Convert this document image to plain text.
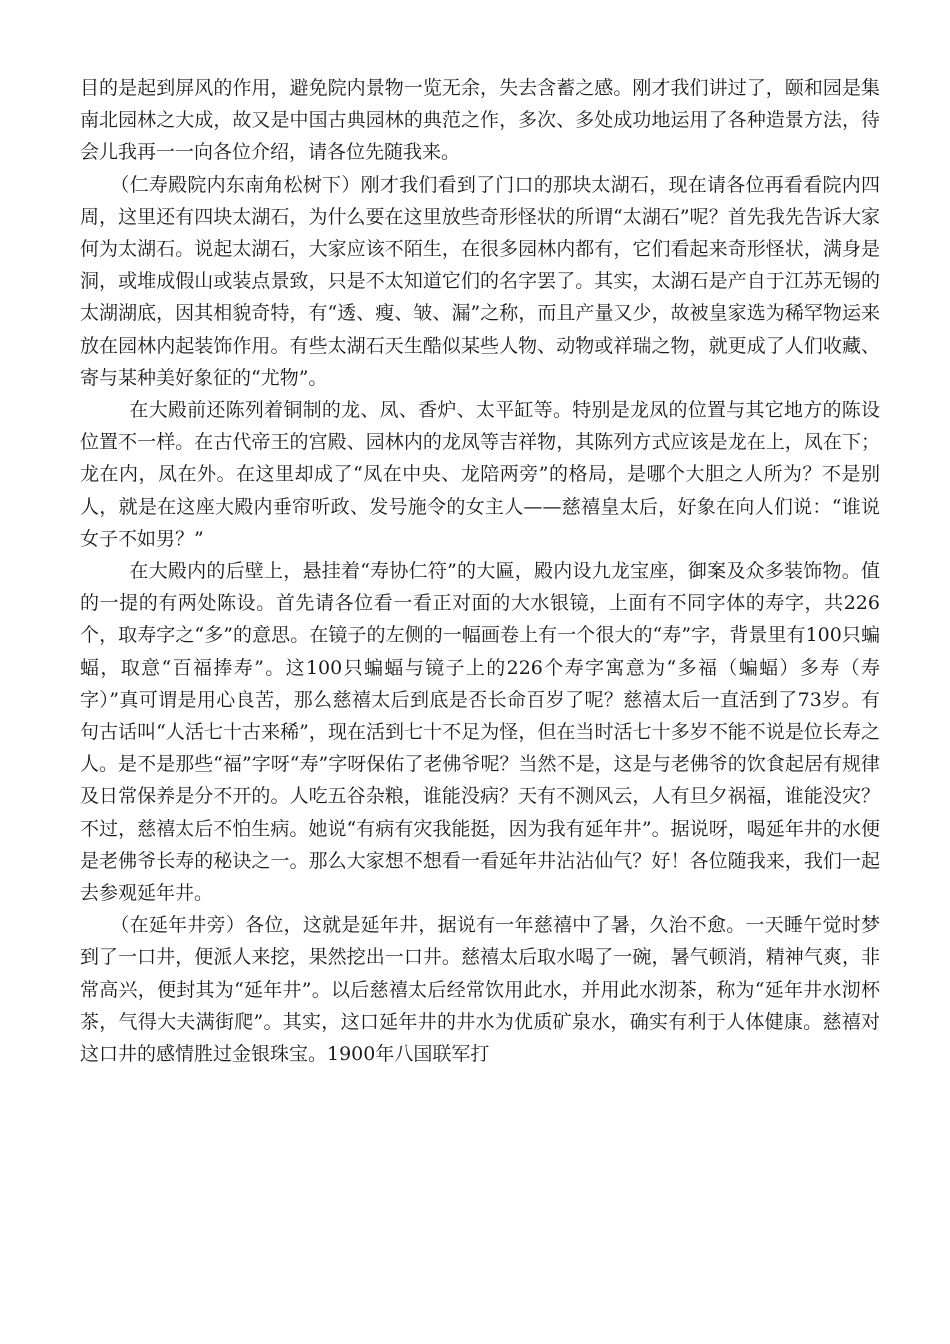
目的是起到屏风的作用，避免院内景物一览无余，失去含蓄之感。刚才我们讲过了，颐和园是集南北园林之大成，故又是中国古典园林的典范之作，多次、多处成功地运用了各种造景方法，待会儿我再一一向各位介绍，请各位先随我来。

（仁寿殿院内东南角松树下）刚才我们看到了门口的那块太湖石，现在请各位再看看院内四周，这里还有四块太湖石，为什么要在这里放些奇形怪状的所谓“太湖石”呢？首先我先告诉大家何为太湖石。说起太湖石，大家应该不陌生，在很多园林内都有，它们看起来奇形怪状，满身是洞，或堆成假山或装点景致，只是不太知道它们的名字罢了。其实，太湖石是产自于江苏无锡的太湖湖底，因其相貌奇特，有“透、瘦、皱、漏”之称，而且产量又少，故被皇家选为稀罕物运来放在园林内起装饰作用。有些太湖石天生酷似某些人物、动物或祥瑞之物，就更成了人们收藏、寄与某种美好象征的“尤物”。

在大殿前还陈列着铜制的龙、凤、香炉、太平缸等。特别是龙凤的位置与其它地方的陈设位置不一样。在古代帝王的宫殿、园林内的龙凤等吉祥物，其陈列方式应该是龙在上，凤在下；龙在内，凤在外。在这里却成了“凤在中央、龙陪两旁”的格局，是哪个大胆之人所为？不是别人，就是在这座大殿内垂帘听政、发号施令的女主人——慈禧皇太后，好象在向人们说：“谁说女子不如男？”

在大殿内的后壁上，悬挂着“寿协仁符”的大匾，殿内设九龙宝座，御案及众多装饰物。值的一提的有两处陈设。首先请各位看一看正对面的大水银镜，上面有不同字体的寿字，共226个，取寿字之“多”的意思。在镜子的左侧的一幅画卷上有一个很大的“寿”字，背景里有100只蝙蝠，取意“百福捧寿”。这100只蝙蝠与镜子上的226个寿字寓意为“多福（蝙蝠）多寿（寿字）”真可谓是用心良苦，那么慈禧太后到底是否长命百岁了呢？慈禧太后一直活到了73岁。有句古话叫“人活七十古来稀”，现在活到七十不足为怪，但在当时活七十多岁不能不说是位长寿之人。是不是那些“福”字呀“寿”字呀保佑了老佛爷呢？当然不是，这是与老佛爷的饮食起居有规律及日常保养是分不开的。人吃五谷杂粮，谁能没病？天有不测风云，人有旦夕祸福，谁能没灾？不过，慈禧太后不怕生病。她说“有病有灾我能挺，因为我有延年井”。据说呀，喝延年井的水便是老佛爷长寿的秘诀之一。那么大家想不想看一看延年井沾沾仙气？好！各位随我来，我们一起去参观延年井。

（在延年井旁）各位，这就是延年井，据说有一年慈禧中了暑，久治不愈。一天睡午觉时梦到了一口井，便派人来挖，果然挖出一口井。慈禧太后取水喝了一碗，暑气顿消，精神气爽，非常高兴，便封其为“延年井”。以后慈禧太后经常饮用此水，并用此水沏茶，称为“延年井水沏杯茶，气得大夫满街爬”。其实，这口延年井的井水为优质矿泉水，确实有利于人体健康。慈禧对这口井的感情胜过金银珠宝。1900年八国联军打
